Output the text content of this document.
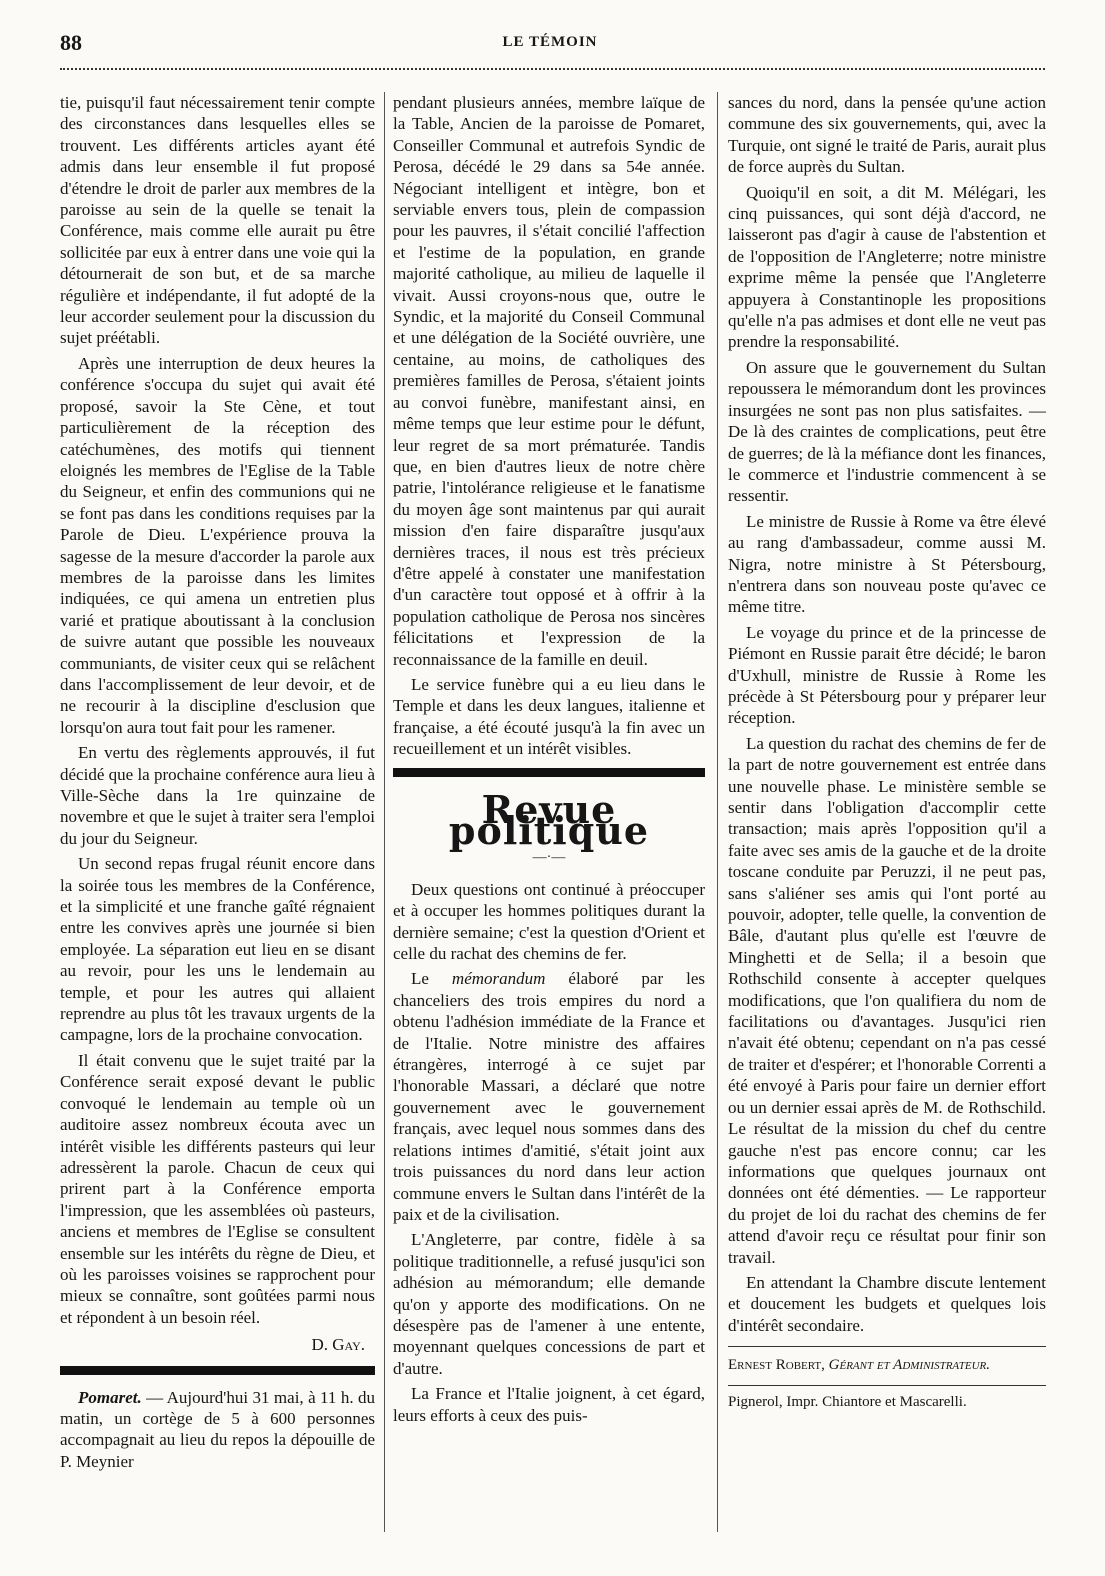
88	LE TÉMOIN

tie, puisqu'il faut nécessairement tenir compte des circonstances dans lesquelles elles se trouvent. Les différents articles ayant été admis dans leur ensemble il fut proposé d'étendre le droit de parler aux membres de la paroisse au sein de la quelle se tenait la Conférence, mais comme elle aurait pu être sollicitée par eux à entrer dans une voie qui la détournerait de son but, et de sa marche régulière et indépendante, il fut adopté de la leur accorder seulement pour la discussion du sujet préétabli.

Après une interruption de deux heures la conférence s'occupa du sujet qui avait été proposé, savoir la Ste Cène, et tout particulièrement de la réception des catéchumènes, des motifs qui tiennent eloignés les membres de l'Eglise de la Table du Seigneur, et enfin des communions qui ne se font pas dans les conditions requises par la Parole de Dieu. L'expérience prouva la sagesse de la mesure d'accorder la parole aux membres de la paroisse dans les limites indiquées, ce qui amena un entretien plus varié et pratique aboutissant à la conclusion de suivre autant que possible les nouveaux communiants, de visiter ceux qui se relâchent dans l'accomplissement de leur devoir, et de ne recourir à la discipline d'esclusion que lorsqu'on aura tout fait pour les ramener.

En vertu des règlements approuvés, il fut décidé que la prochaine conférence aura lieu à Ville-Sèche dans la 1re quinzaine de novembre et que le sujet à traiter sera l'emploi du jour du Seigneur.

Un second repas frugal réunit encore dans la soirée tous les membres de la Conférence, et la simplicité et une franche gaîté régnaient entre les convives après une journée si bien employée. La séparation eut lieu en se disant au revoir, pour les uns le lendemain au temple, et pour les autres qui allaient reprendre au plus tôt les travaux urgents de la campagne, lors de la prochaine convocation.

Il était convenu que le sujet traité par la Conférence serait exposé devant le public convoqué le lendemain au temple où un auditoire assez nombreux écouta avec un intérêt visible les différents pasteurs qui leur adressèrent la parole. Chacun de ceux qui prirent part à la Conférence emporta l'impression, que les assemblées où pasteurs, anciens et membres de l'Eglise se consultent ensemble sur les intérêts du règne de Dieu, et où les paroisses voisines se rapprochent pour mieux se connaître, sont goûtées parmi nous et répondent à un besoin réel.

D. Gay.

Pomaret. — Aujourd'hui 31 mai, à 11 h. du matin, un cortège de 5 à 600 personnes accompagnait au lieu du repos la dépouille de P. Meynier

pendant plusieurs années, membre laïque de la Table, Ancien de la paroisse de Pomaret, Conseiller Communal et autrefois Syndic de Perosa, décédé le 29 dans sa 54e année. Négociant intelligent et intègre, bon et serviable envers tous, plein de compassion pour les pauvres, il s'était concilié l'affection et l'estime de la population, en grande majorité catholique, au milieu de laquelle il vivait. Aussi croyons-nous que, outre le Syndic, et la majorité du Conseil Communal et une délégation de la Société ouvrière, une centaine, au moins, de catholiques des premières familles de Perosa, s'étaient joints au convoi funèbre, manifestant ainsi, en même temps que leur estime pour le défunt, leur regret de sa mort prématurée. Tandis que, en bien d'autres lieux de notre chère patrie, l'intolérance religieuse et le fanatisme du moyen âge sont maintenus par qui aurait mission d'en faire disparaître jusqu'aux dernières traces, il nous est très précieux d'être appelé à constater une manifestation d'un caractère tout opposé et à offrir à la population catholique de Perosa nos sincères félicitations et l'expression de la reconnaissance de la famille en deuil.

Le service funèbre qui a eu lieu dans le Temple et dans les deux langues, italienne et française, a été écouté jusqu'à la fin avec un recueillement et un intérêt visibles.

Revue politique
—·—

Deux questions ont continué à préoccuper et à occuper les hommes politiques durant la dernière semaine; c'est la question d'Orient et celle du rachat des chemins de fer.

Le mémorandum élaboré par les chanceliers des trois empires du nord a obtenu l'adhésion immédiate de la France et de l'Italie. Notre ministre des affaires étrangères, interrogé à ce sujet par l'honorable Massari, a déclaré que notre gouvernement avec le gouvernement français, avec lequel nous sommes dans des relations intimes d'amitié, s'était joint aux trois puissances du nord dans leur action commune envers le Sultan dans l'intérêt de la paix et de la civilisation.

L'Angleterre, par contre, fidèle à sa politique traditionnelle, a refusé jusqu'ici son adhésion au mémorandum; elle demande qu'on y apporte des modifications. On ne désespère pas de l'amener à une entente, moyennant quelques concessions de part et d'autre.

La France et l'Italie joignent, à cet égard, leurs efforts à ceux des puis-

sances du nord, dans la pensée qu'une action commune des six gouvernements, qui, avec la Turquie, ont signé le traité de Paris, aurait plus de force auprès du Sultan.

Quoiqu'il en soit, a dit M. Mélégari, les cinq puissances, qui sont déjà d'accord, ne laisseront pas d'agir à cause de l'abstention et de l'opposition de l'Angleterre; notre ministre exprime même la pensée que l'Angleterre appuyera à Constantinople les propositions qu'elle n'a pas admises et dont elle ne veut pas prendre la responsabilité.

On assure que le gouvernement du Sultan repoussera le mémorandum dont les provinces insurgées ne sont pas non plus satisfaites. — De là des craintes de complications, peut être de guerres; de là la méfiance dont les finances, le commerce et l'industrie commencent à se ressentir.

Le ministre de Russie à Rome va être élevé au rang d'ambassadeur, comme aussi M. Nigra, notre ministre à St Pétersbourg, n'entrera dans son nouveau poste qu'avec ce même titre.

Le voyage du prince et de la princesse de Piémont en Russie parait être décidé; le baron d'Uxhull, ministre de Russie à Rome les précède à St Pétersbourg pour y préparer leur réception.

La question du rachat des chemins de fer de la part de notre gouvernement est entrée dans une nouvelle phase. Le ministère semble se sentir dans l'obligation d'accomplir cette transaction; mais après l'opposition qu'il a faite avec ses amis de la gauche et de la droite toscane conduite par Peruzzi, il ne peut pas, sans s'aliéner ses amis qui l'ont porté au pouvoir, adopter, telle quelle, la convention de Bâle, d'autant plus qu'elle est l'œuvre de Minghetti et de Sella; il a besoin que Rothschild consente à accepter quelques modifications, que l'on qualifiera du nom de facilitations ou d'avantages. Jusqu'ici rien n'avait été obtenu; cependant on n'a pas cessé de traiter et d'espérer; et l'honorable Correnti a été envoyé à Paris pour faire un dernier effort ou un dernier essai après de M. de Rothschild. Le résultat de la mission du chef du centre gauche n'est pas encore connu; car les informations que quelques journaux ont données ont été démenties. — Le rapporteur du projet de loi du rachat des chemins de fer attend d'avoir reçu ce résultat pour finir son travail.

En attendant la Chambre discute lentement et doucement les budgets et quelques lois d'intérêt secondaire.

Ernest Robert, Gérant et Administrateur.

Pignerol, Impr. Chiantore et Mascarelli.
